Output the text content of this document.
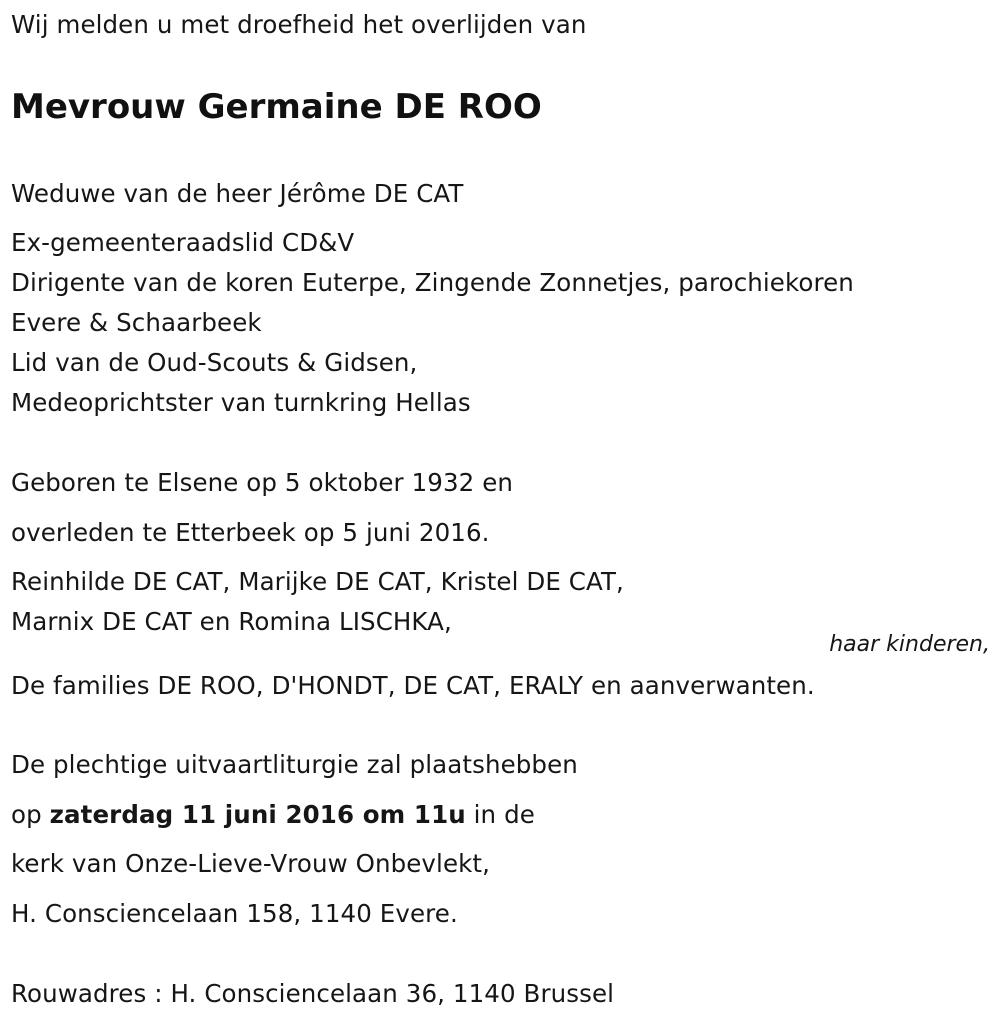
Wij melden u met droefheid het overlijden van

Mevrouw Germaine DE ROO

Weduwe van de heer Jérôme DE CAT

Ex-gemeenteraadslid CD&V

Dirigente van de koren Euterpe, Zingende Zonnetjes, parochiekoren

Evere & Schaarbeek

Lid van de Oud-Scouts & Gidsen,

Medeoprichtster van turnkring Hellas

Geboren te Elsene op 5 oktober 1932 en

overleden te Etterbeek op 5 juni 2016.

Reinhilde DE CAT, Marijke DE CAT, Kristel DE CAT,

Marnix DE CAT en Romina LISCHKA,

haar kinderen,

De families DE ROO, D'HONDT, DE CAT, ERALY en aanverwanten.

De plechtige uitvaartliturgie zal plaatshebben

op zaterdag 11 juni 2016 om 11u in de

kerk van Onze-Lieve-Vrouw Onbevlekt,

H. Consciencelaan 158, 1140 Evere.

Rouwadres : H. Consciencelaan 36, 1140 Brussel
